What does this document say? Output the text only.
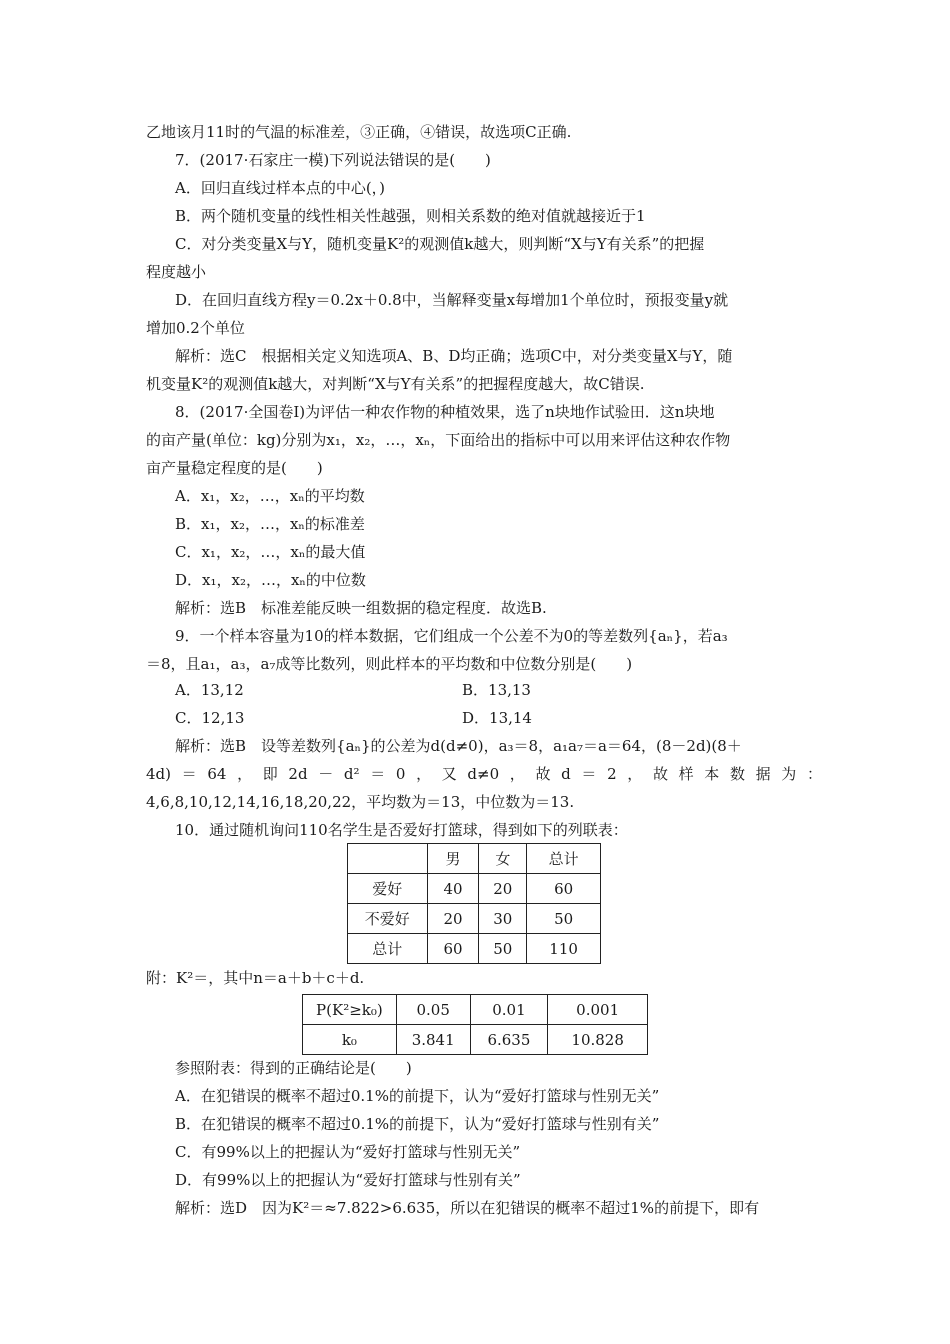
乙地该月11时的气温的标准差，③正确，④错误，故选项C正确.
7．(2017·石家庄一模)下列说法错误的是(　　)
A．回归直线过样本点的中心(，)
B．两个随机变量的线性相关性越强，则相关系数的绝对值就越接近于1
C．对分类变量X与Y，随机变量K²的观测值k越大，则判断“X与Y有关系”的把握
程度越小
D．在回归直线方程y＝0.2x＋0.8中，当解释变量x每增加1个单位时，预报变量y就
增加0.2个单位
解析：选C　根据相关定义知选项A、B、D均正确；选项C中，对分类变量X与Y，随
机变量K²的观测值k越大，对判断“X与Y有关系”的把握程度越大，故C错误.
8．(2017·全国卷Ⅰ)为评估一种农作物的种植效果，选了n块地作试验田．这n块地
的亩产量(单位：kg)分别为x₁，x₂，…，xₙ，下面给出的指标中可以用来评估这种农作物
亩产量稳定程度的是(　　)
A．x₁，x₂，…，xₙ的平均数
B．x₁，x₂，…，xₙ的标准差
C．x₁，x₂，…，xₙ的最大值
D．x₁，x₂，…，xₙ的中位数
解析：选B　标准差能反映一组数据的稳定程度．故选B.
9．一个样本容量为10的样本数据，它们组成一个公差不为0的等差数列{aₙ}，若a₃
＝8，且a₁，a₃，a₇成等比数列，则此样本的平均数和中位数分别是(　　)
A．13,12	B．13,13
C．12,13	D．13,14
解析：选B　设等差数列{aₙ}的公差为d(d≠0)，a₃＝8，a₁a₇＝a＝64，(8－2d)(8＋
4d) ＝ 64 ， 即 2d － d² ＝ 0 ， 又 d≠0 ， 故 d ＝ 2 ， 故 样 本 数 据 为 ：
4,6,8,10,12,14,16,18,20,22，平均数为＝13，中位数为＝13.
10．通过随机询问110名学生是否爱好打篮球，得到如下的列联表：
	男	女	总计
爱好	40	20	60
不爱好	20	30	50
总计	60	50	110
附：K²＝，其中n＝a＋b＋c＋d.
P(K²≥k₀)	0.05	0.01	0.001
k₀	3.841	6.635	10.828
参照附表：得到的正确结论是(　　)
A．在犯错误的概率不超过0.1%的前提下，认为“爱好打篮球与性别无关”
B．在犯错误的概率不超过0.1%的前提下，认为“爱好打篮球与性别有关”
C．有99%以上的把握认为“爱好打篮球与性别无关”
D．有99%以上的把握认为“爱好打篮球与性别有关”
解析：选D　因为K²＝≈7.822>6.635，所以在犯错误的概率不超过1%的前提下，即有
